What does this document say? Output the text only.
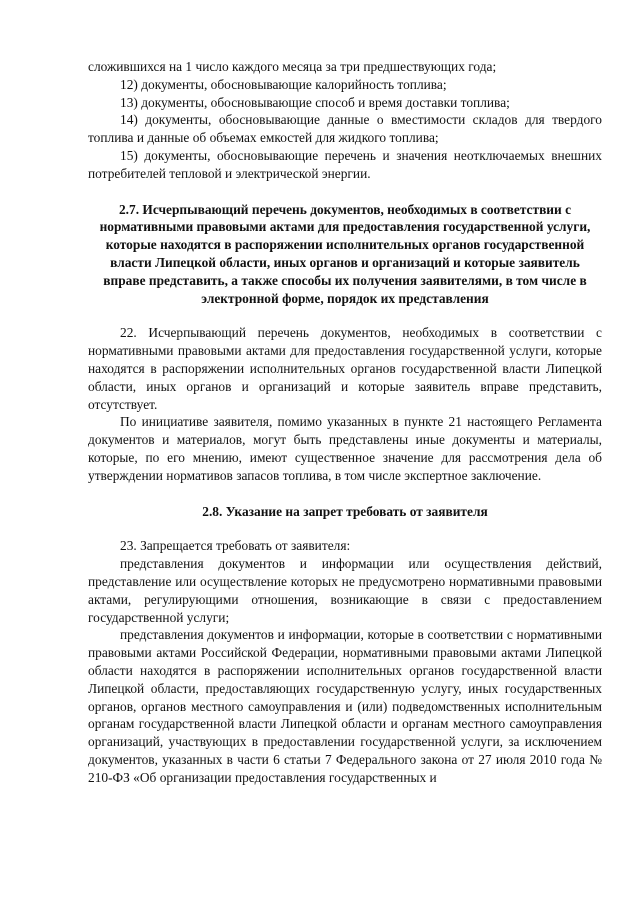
сложившихся на 1 число каждого месяца за три предшествующих года;

12) документы, обосновывающие калорийность топлива;

13) документы, обосновывающие способ и время доставки топлива;

14) документы, обосновывающие данные о вместимости складов для твердого топлива и данные об объемах емкостей для жидкого топлива;

15) документы, обосновывающие перечень и значения неотключаемых внешних потребителей тепловой и электрической энергии.

2.7. Исчерпывающий перечень документов, необходимых в соответствии с нормативными правовыми актами для предоставления государственной услуги, которые находятся в распоряжении исполнительных органов государственной власти Липецкой области, иных органов и организаций и которые заявитель вправе представить, а также способы их получения заявителями, в том числе в электронной форме, порядок их представления

22. Исчерпывающий перечень документов, необходимых в соответствии с нормативными правовыми актами для предоставления государственной услуги, которые находятся в распоряжении исполнительных органов государственной власти Липецкой области, иных органов и организаций и которые заявитель вправе представить, отсутствует.

По инициативе заявителя, помимо указанных в пункте 21 настоящего Регламента документов и материалов, могут быть представлены иные документы и материалы, которые, по его мнению, имеют существенное значение для рассмотрения дела об утверждении нормативов запасов топлива, в том числе экспертное заключение.

2.8. Указание на запрет требовать от заявителя

23. Запрещается требовать от заявителя:

представления документов и информации или осуществления действий, представление или осуществление которых не предусмотрено нормативными правовыми актами, регулирующими отношения, возникающие в связи с предоставлением государственной услуги;

представления документов и информации, которые в соответствии с нормативными правовыми актами Российской Федерации, нормативными правовыми актами Липецкой области находятся в распоряжении исполнительных органов государственной власти Липецкой области, предоставляющих государственную услугу, иных государственных органов, органов местного самоуправления и (или) подведомственных исполнительным органам государственной власти Липецкой области и органам местного самоуправления организаций, участвующих в предоставлении государственной услуги, за исключением документов, указанных в части 6 статьи 7 Федерального закона от 27 июля 2010 года № 210-ФЗ «Об организации предоставления государственных и
